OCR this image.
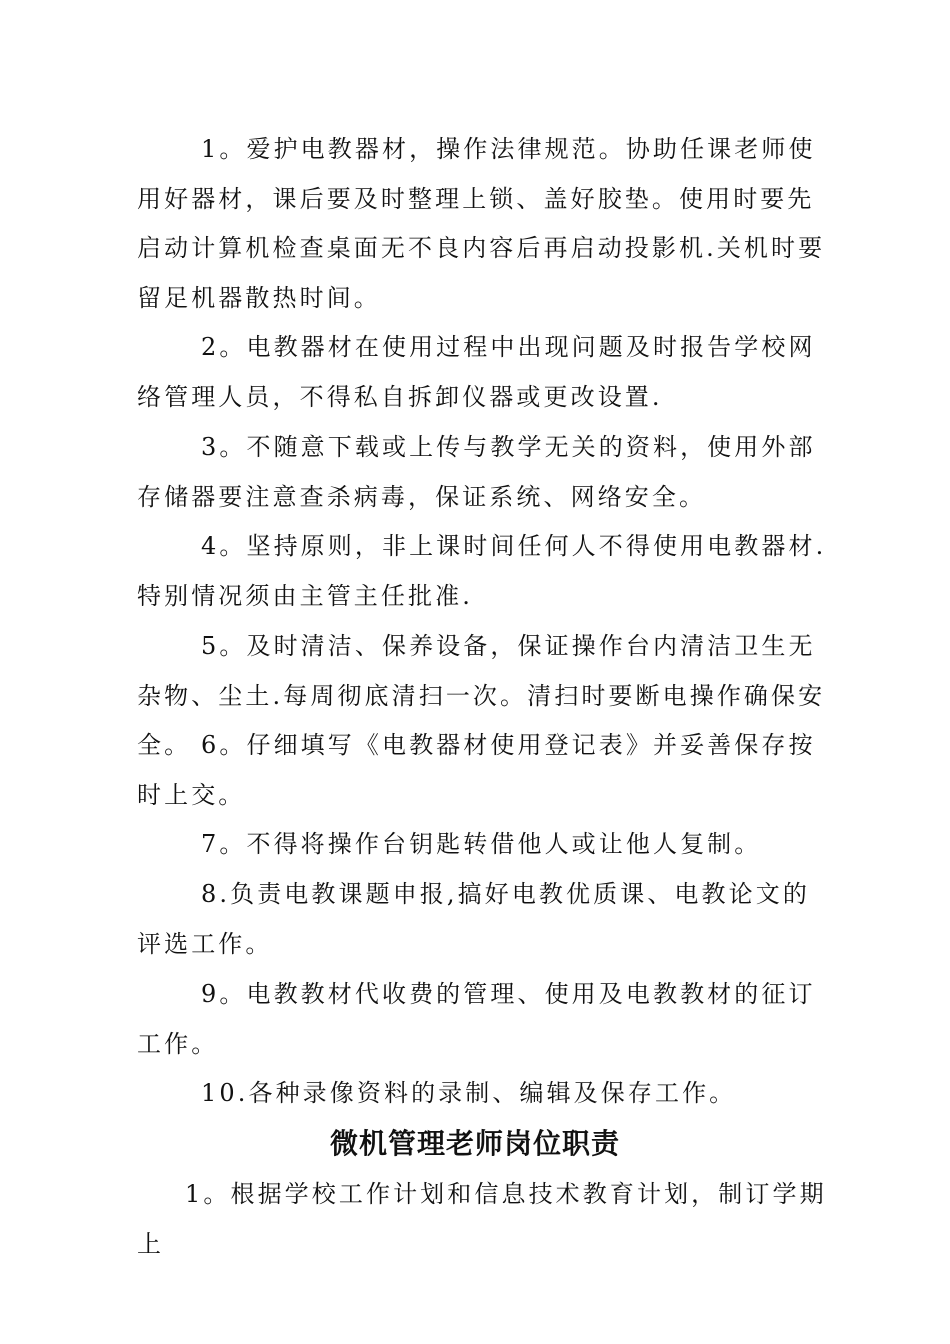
1。爱护电教器材，操作法律规范。协助任课老师使用好器材，课后要及时整理上锁、盖好胶垫。使用时要先启动计算机检查桌面无不良内容后再启动投影机.关机时要留足机器散热时间。

2。电教器材在使用过程中出现问题及时报告学校网络管理人员，不得私自拆卸仪器或更改设置.

3。不随意下载或上传与教学无关的资料，使用外部存储器要注意查杀病毒，保证系统、网络安全。

4。坚持原则，非上课时间任何人不得使用电教器材.特别情况须由主管主任批准.

5。及时清洁、保养设备，保证操作台内清洁卫生无杂物、尘土.每周彻底清扫一次。清扫时要断电操作确保安全。 6。仔细填写《电教器材使用登记表》并妥善保存按时上交。

7。不得将操作台钥匙转借他人或让他人复制。

8.负责电教课题申报,搞好电教优质课、电教论文的评选工作。

9。电教教材代收费的管理、使用及电教教材的征订工作。

10.各种录像资料的录制、编辑及保存工作。

微机管理老师岗位职责

1。根据学校工作计划和信息技术教育计划，制订学期上
